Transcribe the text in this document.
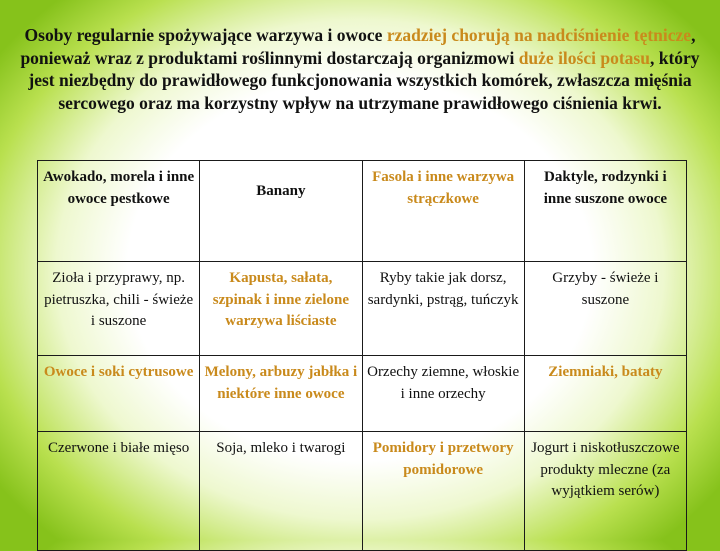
Osoby regularnie spożywające warzywa i owoce rzadziej chorują na nadciśnienie tętnicze, ponieważ wraz z produktami roślinnymi dostarczają organizmowi duże ilości potasu, który jest niezbędny do prawidłowego funkcjonowania wszystkich komórek, zwłaszcza mięśnia sercowego oraz ma korzystny wpływ na utrzymane prawidłowego ciśnienia krwi.

Awokado, morela i inne owoce pestkowe	Banany	Fasola i inne warzywa strączkowe	Daktyle, rodzynki i inne suszone owoce
Zioła i przyprawy, np. pietruszka, chili - świeże i suszone	Kapusta, sałata, szpinak i inne zielone warzywa liściaste	Ryby takie jak dorsz, sardynki, pstrąg, tuńczyk	Grzyby - świeże i suszone
Owoce i soki cytrusowe	Melony, arbuzy jabłka i niektóre inne owoce	Orzechy ziemne, włoskie i inne orzechy	Ziemniaki, bataty
Czerwone i białe mięso	Soja, mleko i twarogi	Pomidory i przetwory pomidorowe	Jogurt i niskotłuszczowe produkty mleczne (za wyjątkiem serów)
